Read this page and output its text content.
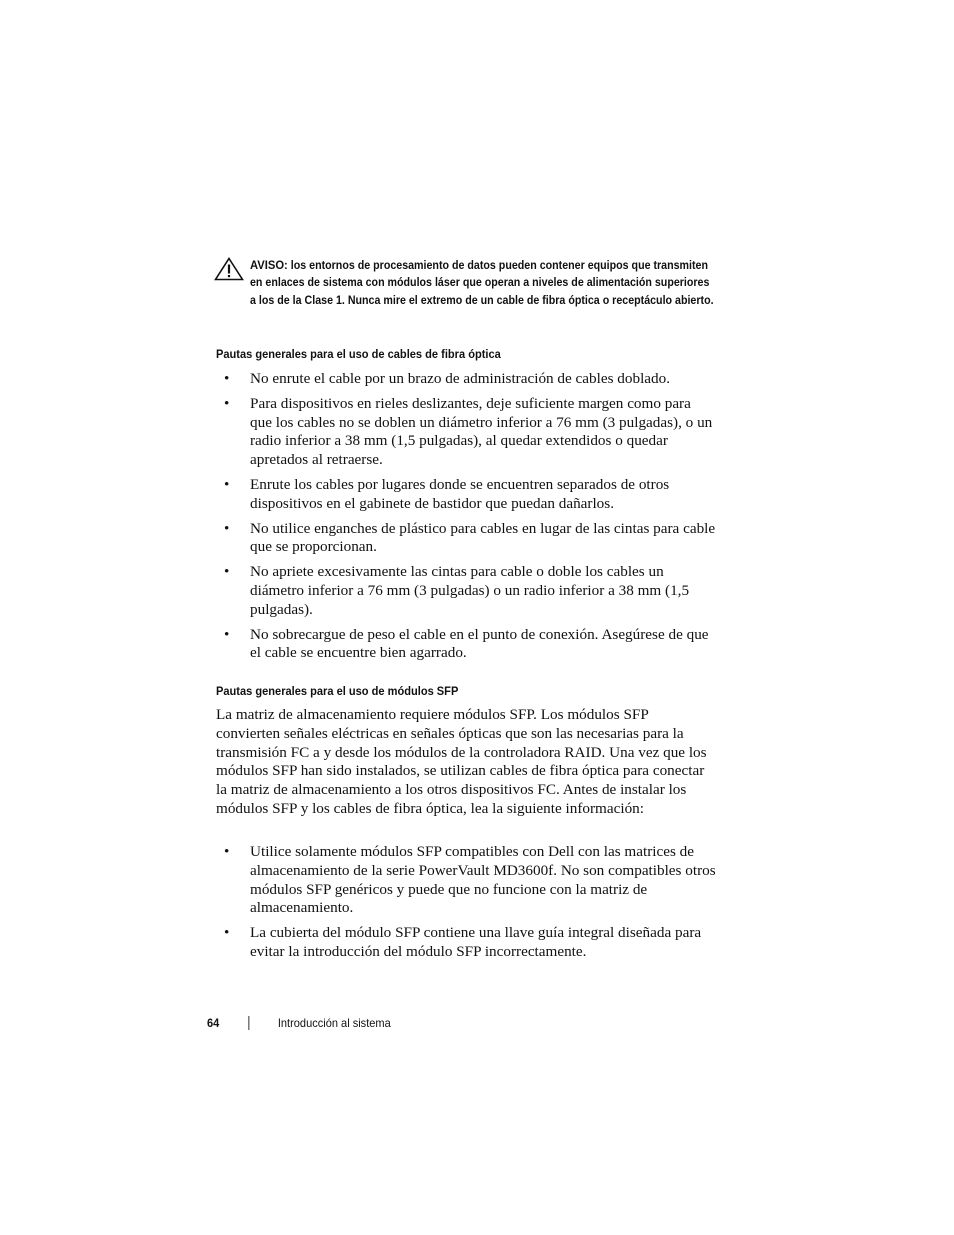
AVISO: los entornos de procesamiento de datos pueden contener equipos que transmiten en enlaces de sistema con módulos láser que operan a niveles de alimentación superiores a los de la Clase 1. Nunca mire el extremo de un cable de fibra óptica o receptáculo abierto.
Pautas generales para el uso de cables de fibra óptica
• No enrute el cable por un brazo de administración de cables doblado.
• Para dispositivos en rieles deslizantes, deje suficiente margen como para que los cables no se doblen un diámetro inferior a 76 mm (3 pulgadas), o un radio inferior a 38 mm (1,5 pulgadas), al quedar extendidos o quedar apretados al retraerse.
• Enrute los cables por lugares donde se encuentren separados de otros dispositivos en el gabinete de bastidor que puedan dañarlos.
• No utilice enganches de plástico para cables en lugar de las cintas para cable que se proporcionan.
• No apriete excesivamente las cintas para cable o doble los cables un diámetro inferior a 76 mm (3 pulgadas) o un radio inferior a 38 mm (1,5 pulgadas).
• No sobrecargue de peso el cable en el punto de conexión. Asegúrese de que el cable se encuentre bien agarrado.
Pautas generales para el uso de módulos SFP

La matriz de almacenamiento requiere módulos SFP. Los módulos SFP convierten señales eléctricas en señales ópticas que son las necesarias para la transmisión FC a y desde los módulos de la controladora RAID. Una vez que los módulos SFP han sido instalados, se utilizan cables de fibra óptica para conectar la matriz de almacenamiento a los otros dispositivos FC. Antes de instalar los módulos SFP y los cables de fibra óptica, lea la siguiente información:

• Utilice solamente módulos SFP compatibles con Dell con las matrices de almacenamiento de la serie PowerVault MD3600f. No son compatibles otros módulos SFP genéricos y puede que no funcione con la matriz de almacenamiento.
• La cubierta del módulo SFP contiene una llave guía integral diseñada para evitar la introducción del módulo SFP incorrectamente.
64	Introducción al sistema
